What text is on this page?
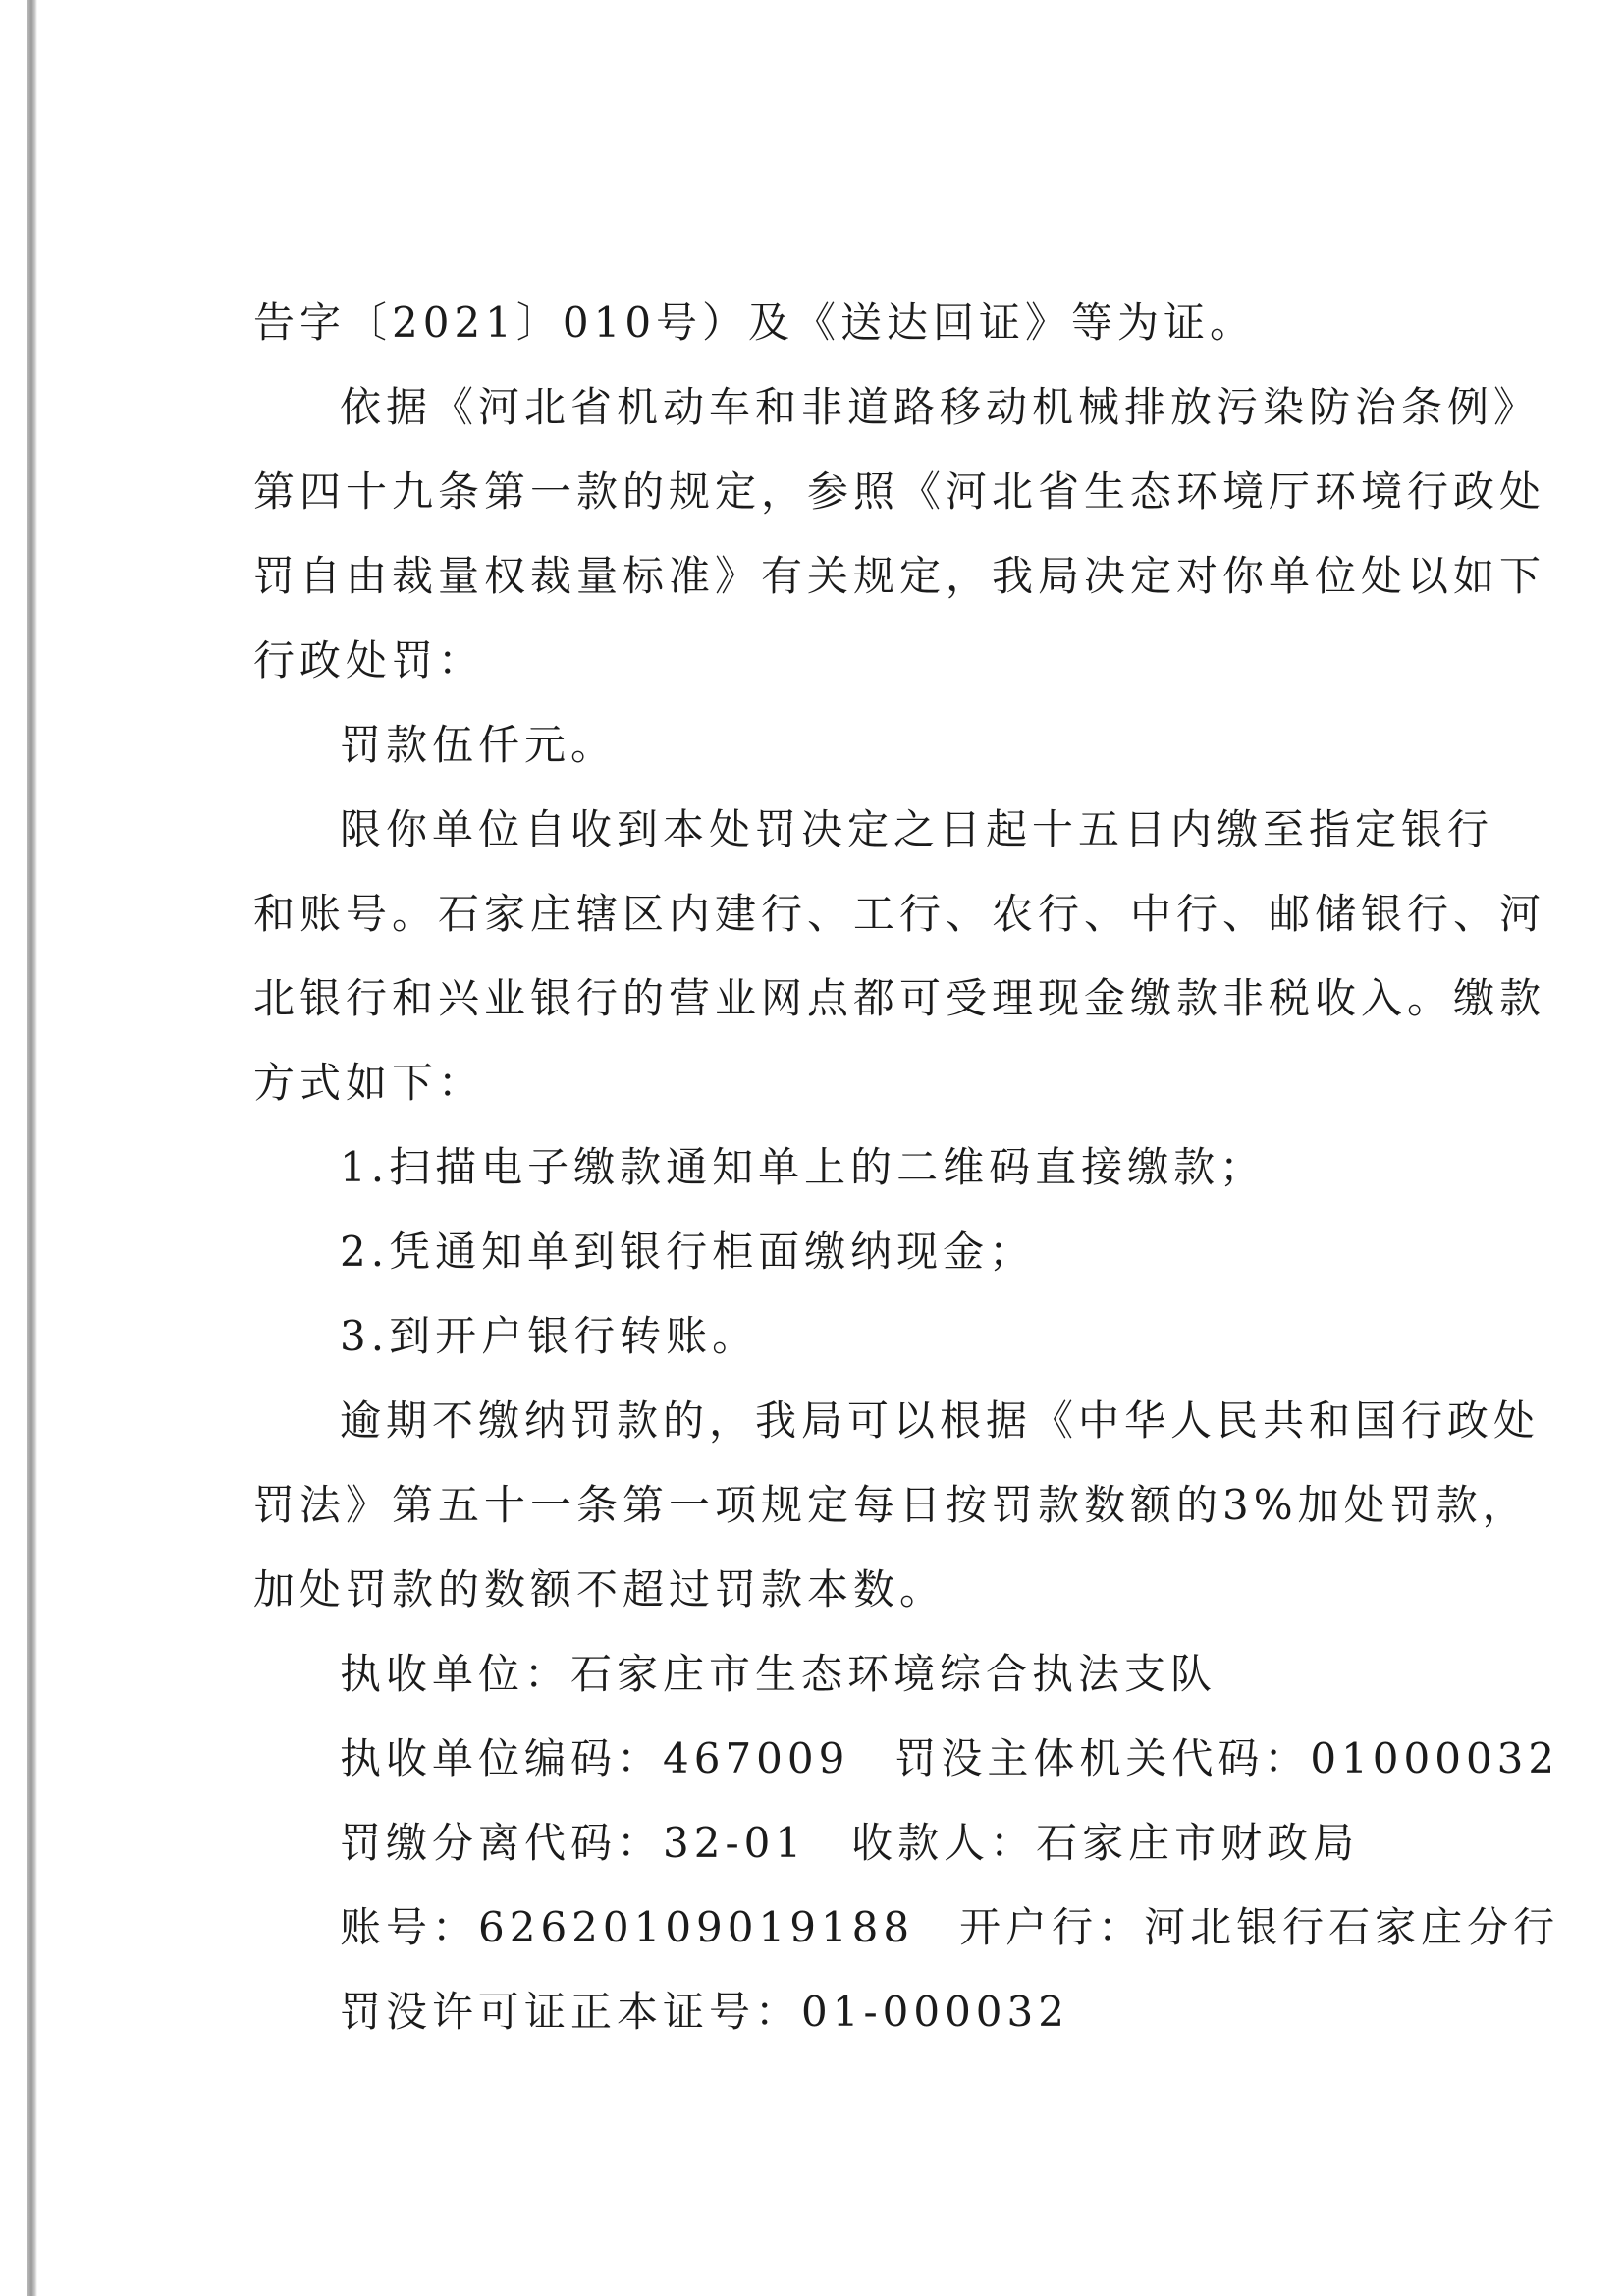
告字〔2021〕010号）及《送达回证》等为证。
依据《河北省机动车和非道路移动机械排放污染防治条例》
第四十九条第一款的规定，参照《河北省生态环境厅环境行政处
罚自由裁量权裁量标准》有关规定，我局决定对你单位处以如下
行政处罚：
罚款伍仟元。
限你单位自收到本处罚决定之日起十五日内缴至指定银行
和账号。石家庄辖区内建行、工行、农行、中行、邮储银行、河
北银行和兴业银行的营业网点都可受理现金缴款非税收入。缴款
方式如下：
1.扫描电子缴款通知单上的二维码直接缴款；
2.凭通知单到银行柜面缴纳现金；
3.到开户银行转账。
逾期不缴纳罚款的，我局可以根据《中华人民共和国行政处
罚法》第五十一条第一项规定每日按罚款数额的3%加处罚款，
加处罚款的数额不超过罚款本数。
执收单位：石家庄市生态环境综合执法支队
执收单位编码：467009 罚没主体机关代码：01000032
罚缴分离代码：32-01 收款人：石家庄市财政局
账号：62620109019188 开户行：河北银行石家庄分行
罚没许可证正本证号：01-000032
